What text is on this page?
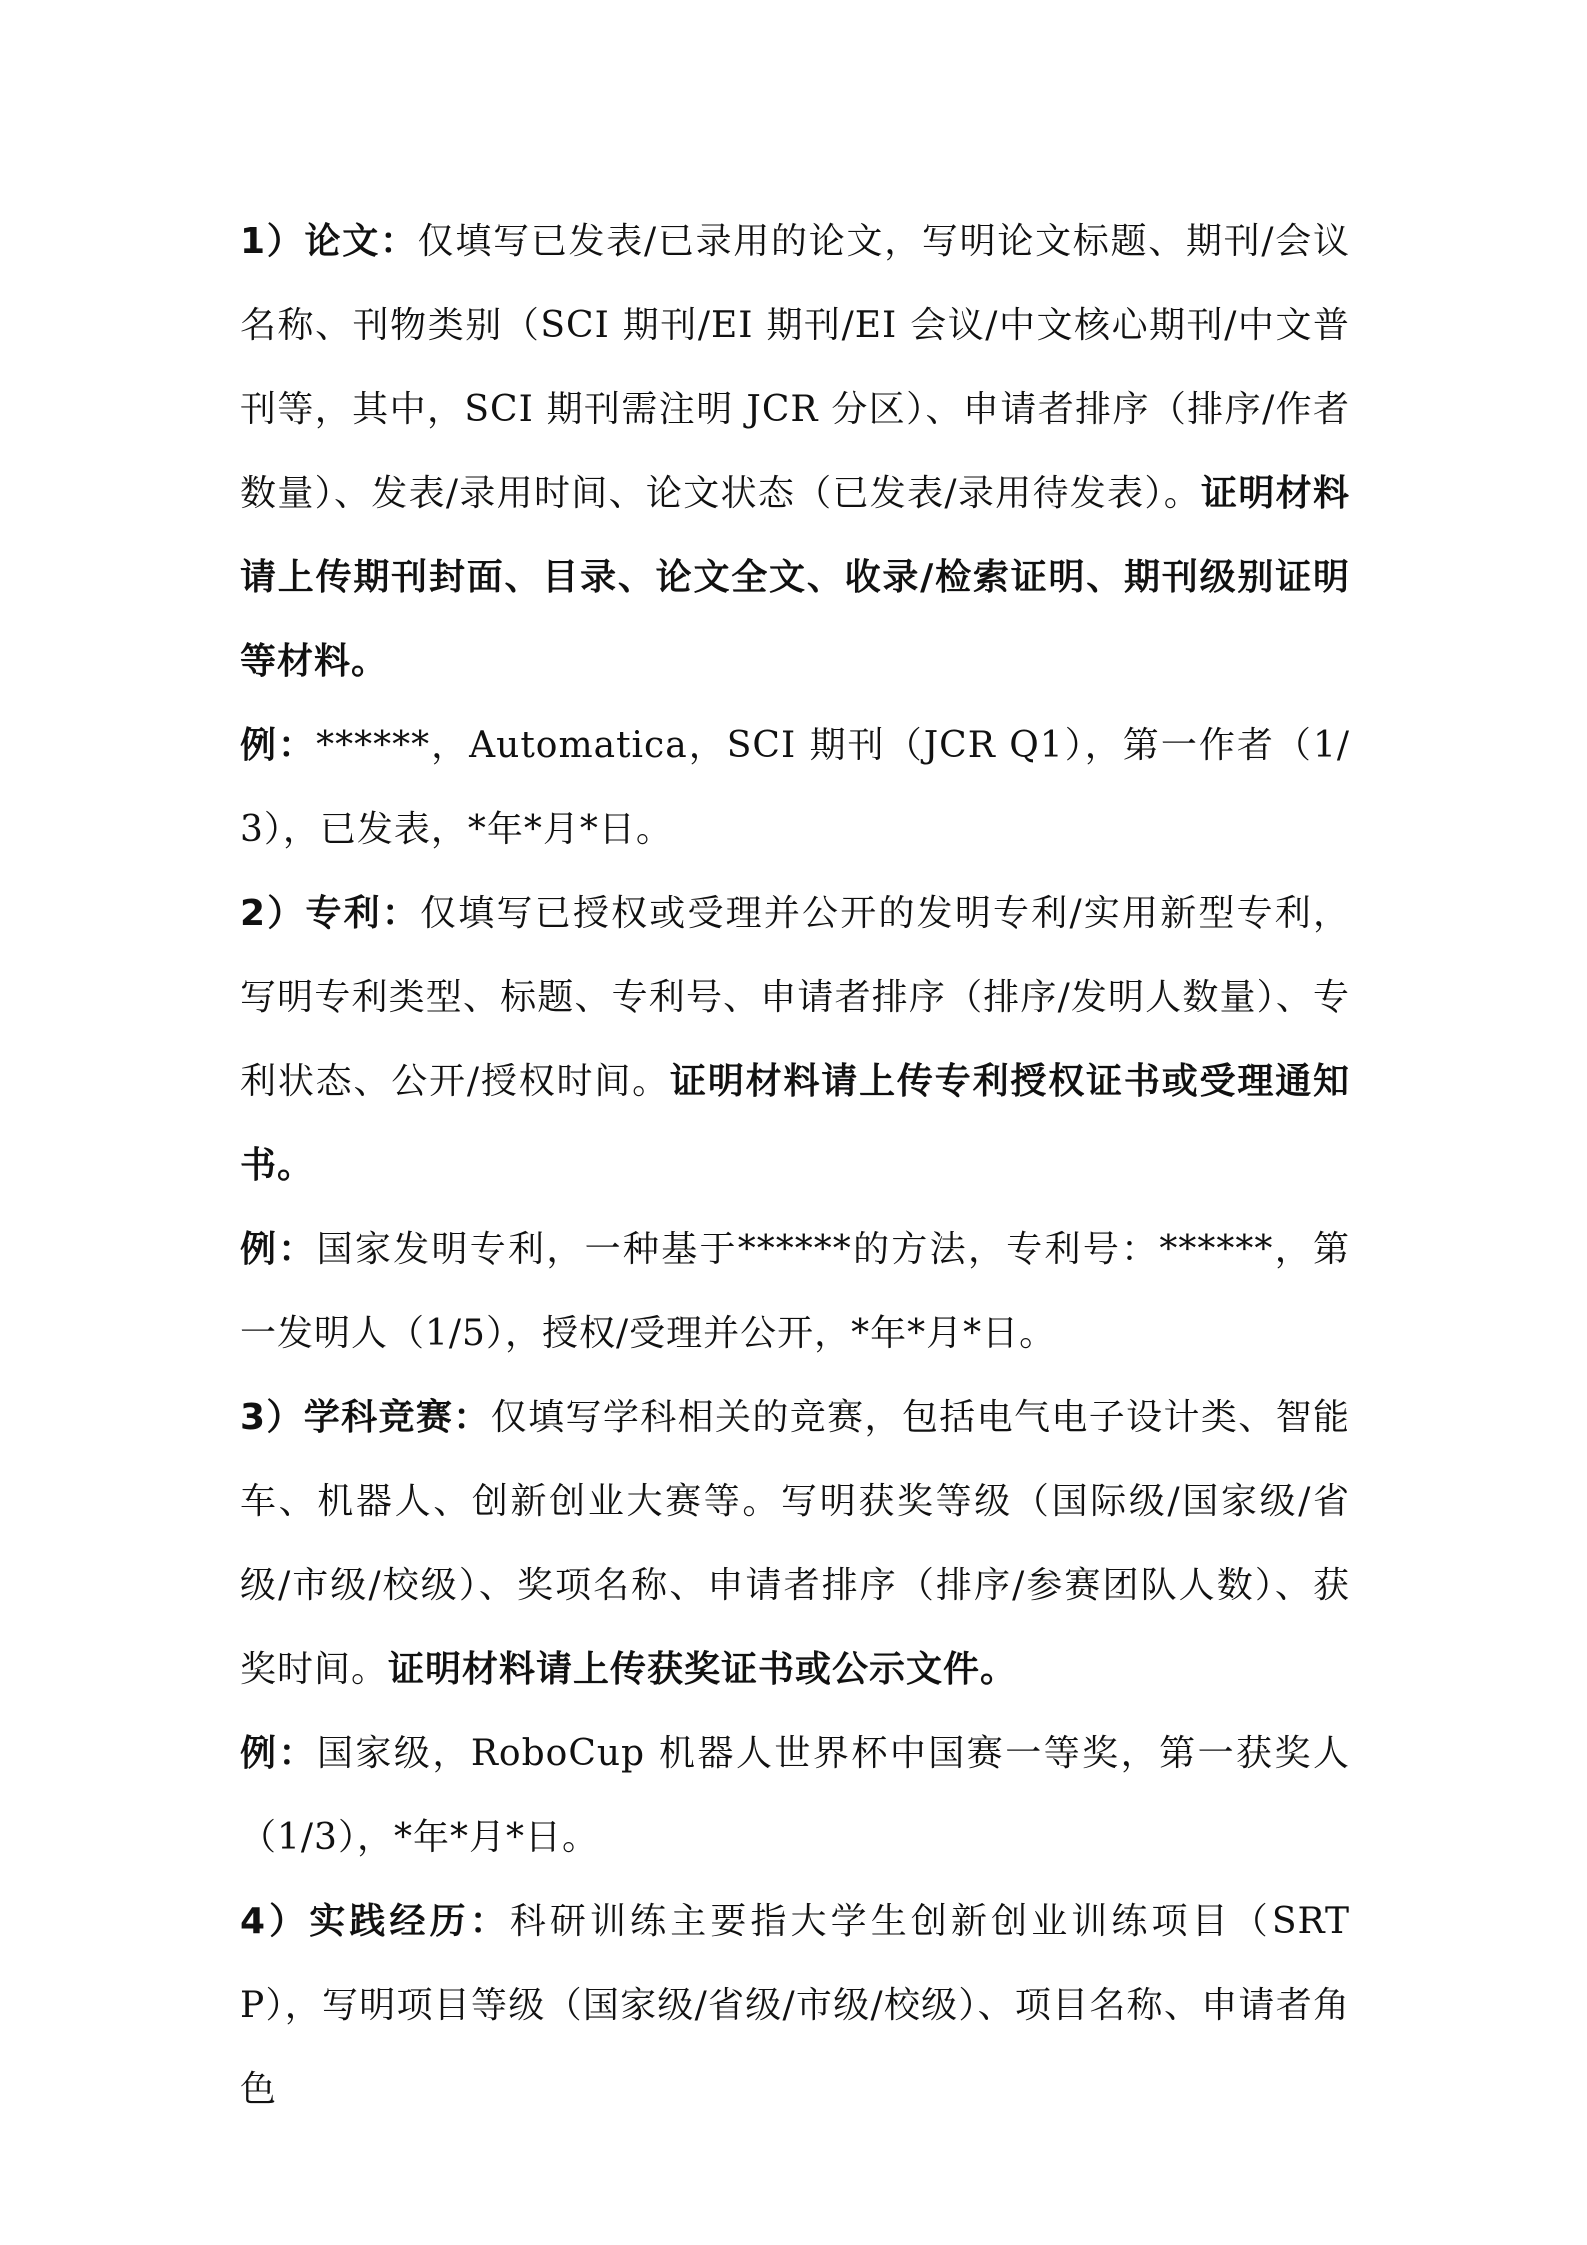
1）论文：仅填写已发表/已录用的论文，写明论文标题、期刊/会议名称、刊物类别（SCI 期刊/EI 期刊/EI 会议/中文核心期刊/中文普刊等，其中，SCI 期刊需注明 JCR 分区）、申请者排序（排序/作者数量）、发表/录用时间、论文状态（已发表/录用待发表）。证明材料请上传期刊封面、目录、论文全文、收录/检索证明、期刊级别证明等材料。

例：******，Automatica，SCI 期刊（JCR Q1），第一作者（1/3），已发表，*年*月*日。

2）专利：仅填写已授权或受理并公开的发明专利/实用新型专利，写明专利类型、标题、专利号、申请者排序（排序/发明人数量）、专利状态、公开/授权时间。证明材料请上传专利授权证书或受理通知书。

例：国家发明专利，一种基于******的方法，专利号：******，第一发明人（1/5），授权/受理并公开，*年*月*日。

3）学科竞赛：仅填写学科相关的竞赛，包括电气电子设计类、智能车、机器人、创新创业大赛等。写明获奖等级（国际级/国家级/省级/市级/校级）、奖项名称、申请者排序（排序/参赛团队人数）、获奖时间。证明材料请上传获奖证书或公示文件。

例：国家级，RoboCup 机器人世界杯中国赛一等奖，第一获奖人（1/3），*年*月*日。

4）实践经历：科研训练主要指大学生创新创业训练项目（SRTP），写明项目等级（国家级/省级/市级/校级）、项目名称、申请者角色
